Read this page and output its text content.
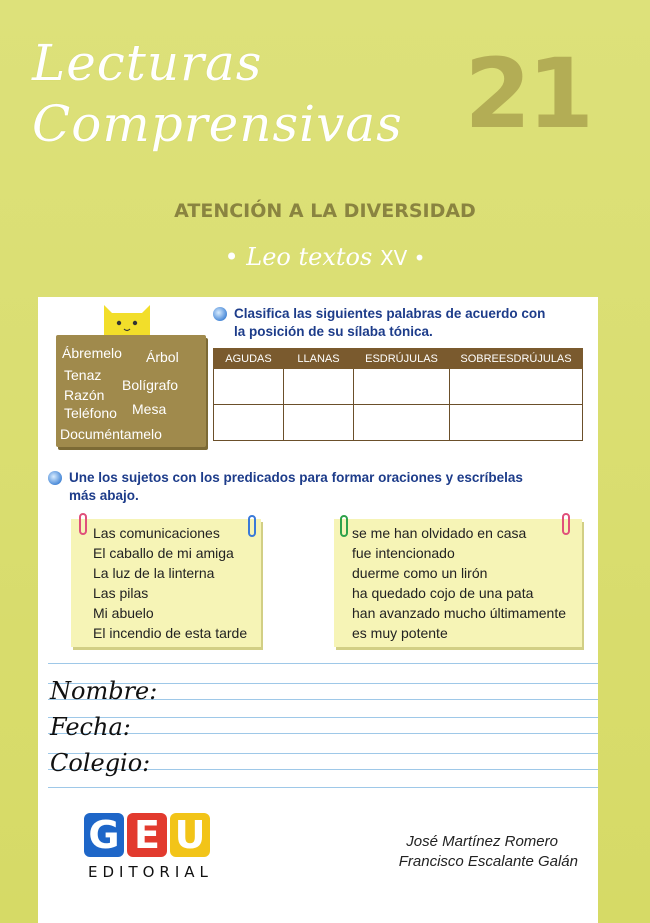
Lecturas
Comprensivas 21
ATENCIÓN A LA DIVERSIDAD
• Leo textos XV •
Ábremelo Árbol
Tenaz
Bolígrafo
Razón
Teléfono Mesa
Documéntamelo
Clasifica las siguientes palabras de acuerdo con
la posición de su sílaba tónica.
AGUDAS	LLANAS	ESDRÚJULAS	SOBREESDRÚJULAS

Une los sujetos con los predicados para formar oraciones y escríbelas
más abajo.
Las comunicaciones
El caballo de mi amiga
La luz de la linterna
Las pilas
Mi abuelo
El incendio de esta tarde
se me han olvidado en casa
fue intencionado
duerme como un lirón
ha quedado cojo de una pata
han avanzado mucho últimamente
es muy potente
Nombre:
Fecha:
Colegio:
G E U
EDITORIAL
José Martínez Romero
Francisco Escalante Galán
